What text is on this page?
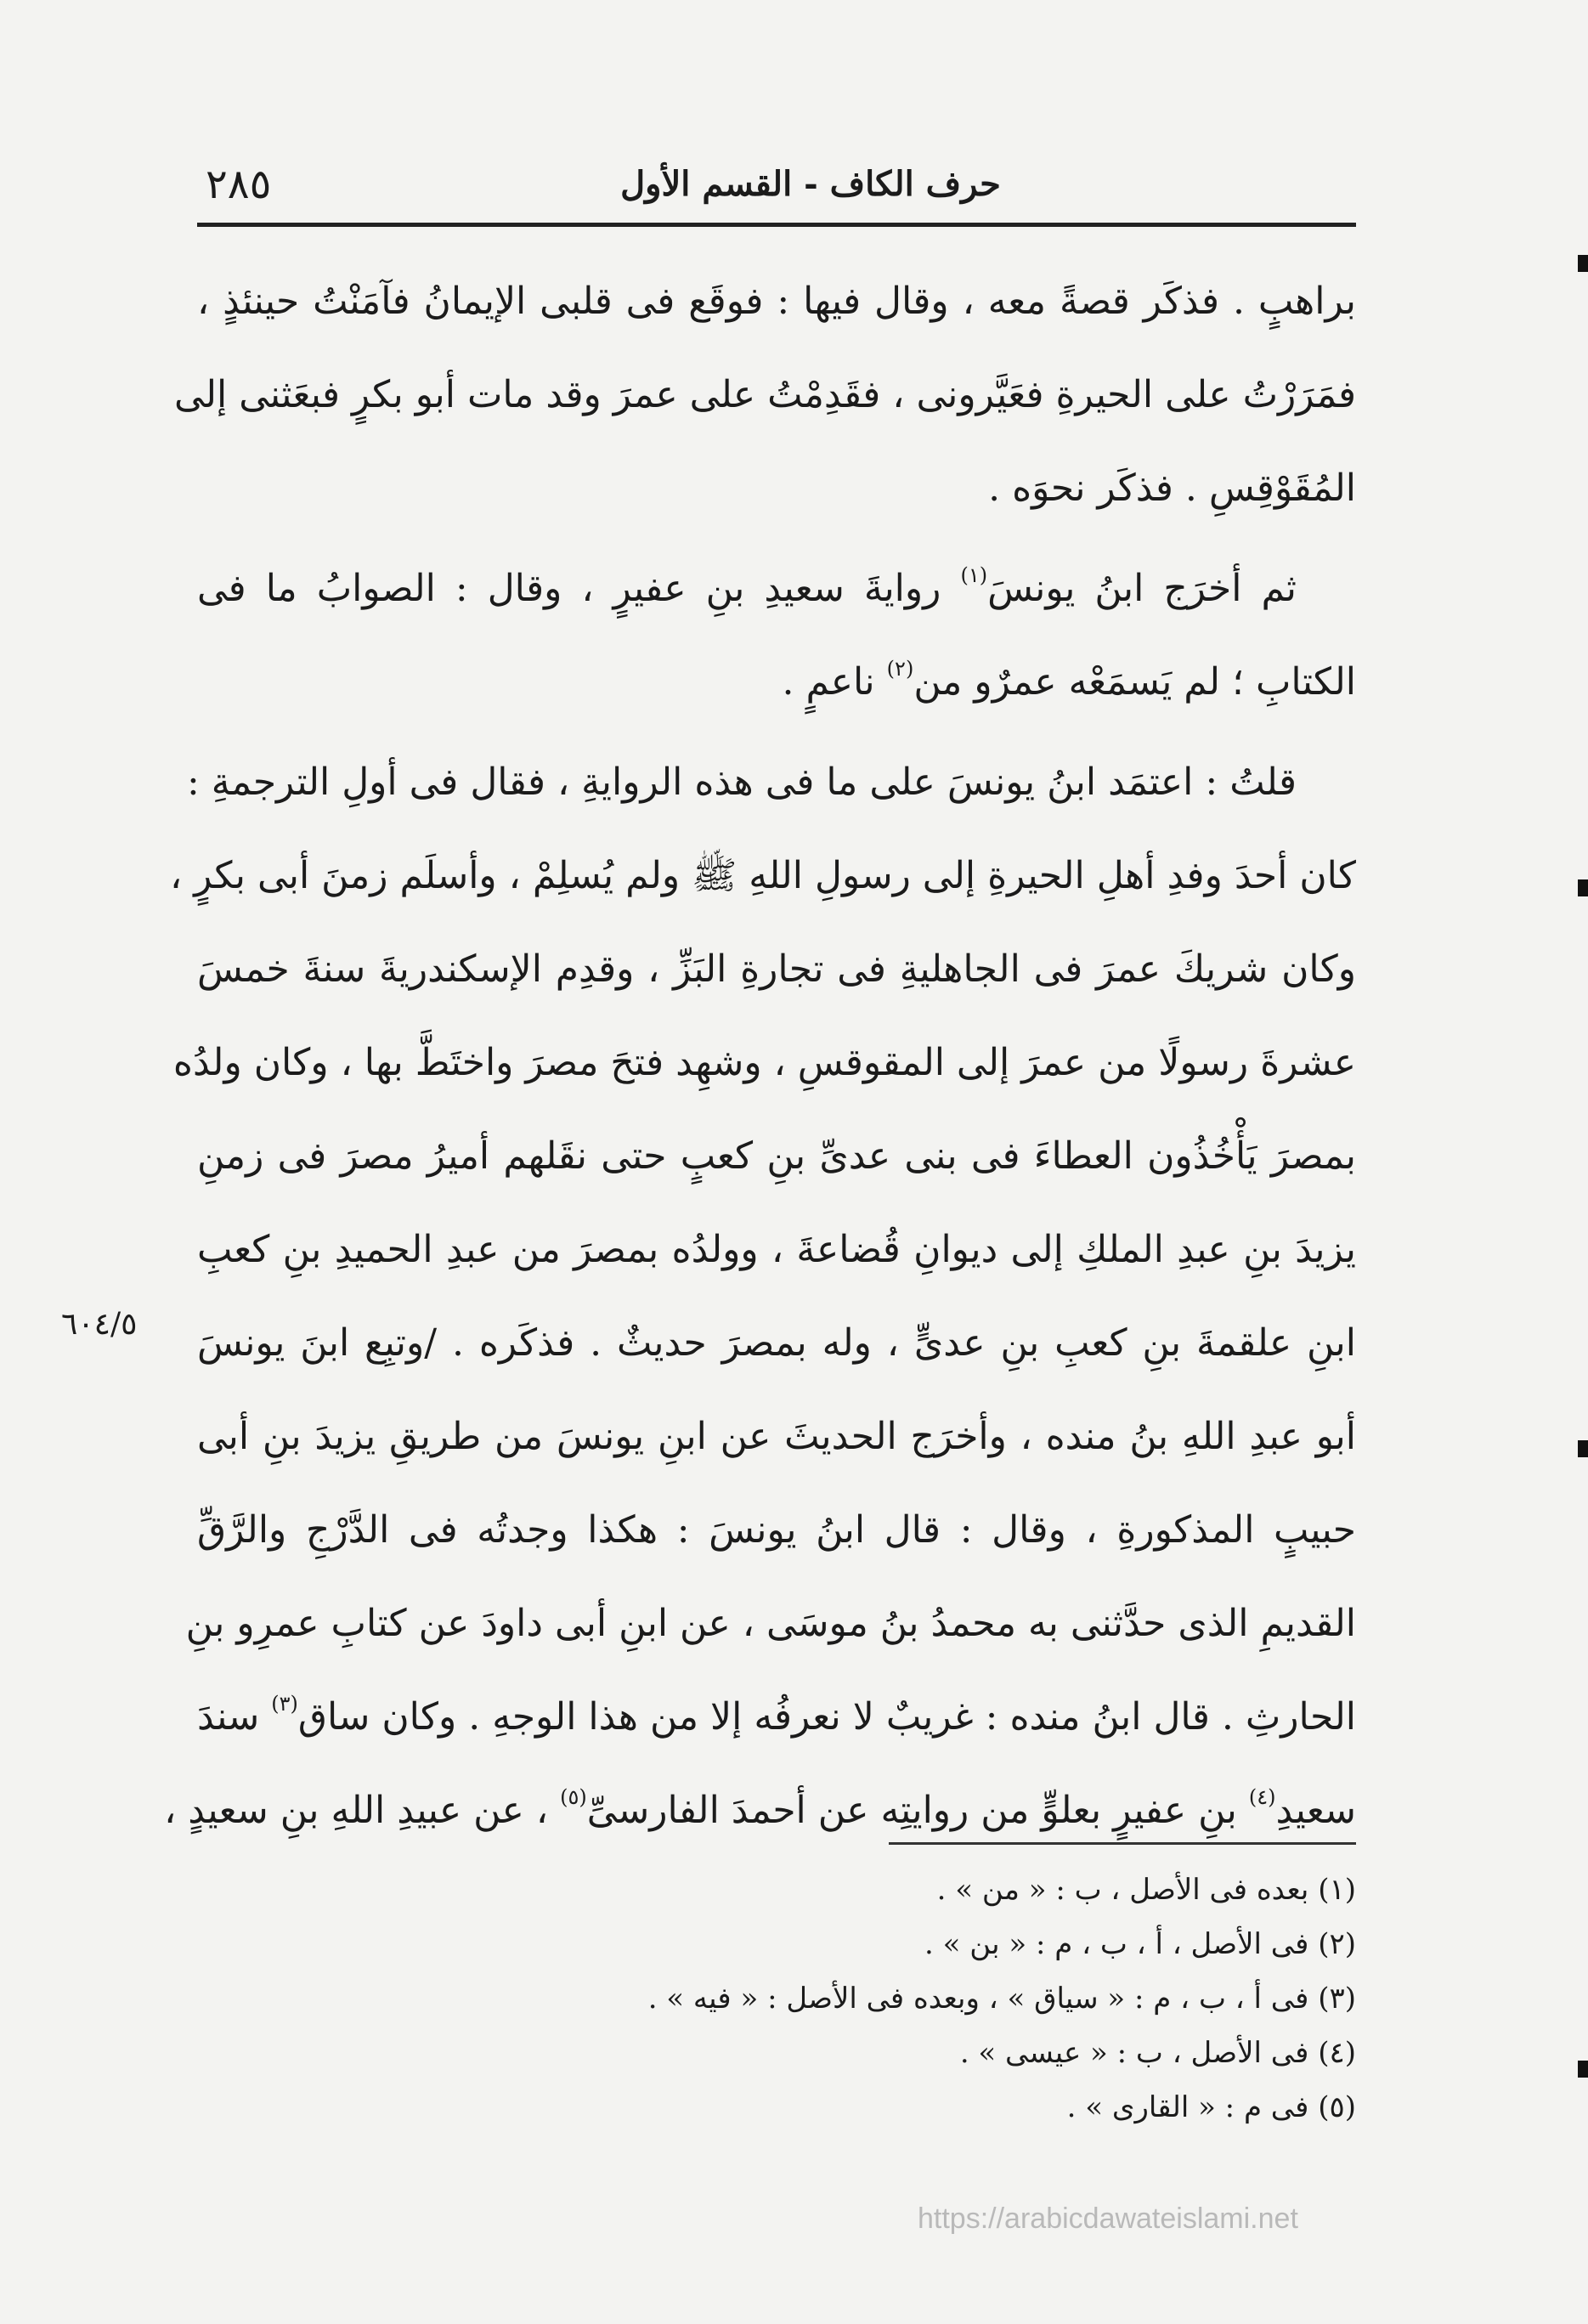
٢٨٥	حرف الكاف - القسم الأول

براهبٍ . فذكَر قصةً معه ، وقال فيها : فوقَع فى قلبى الإيمانُ فآمَنْتُ حينئذٍ ،
فمَرَرْتُ على الحيرةِ فعَيَّرونى ، فقَدِمْتُ على عمرَ وقد مات أبو بكرٍ فبعَثنى إلى
المُقَوْقِسِ . فذكَر نحوَه .

ثم أخرَج ابنُ يونسَ$^{(١)}$ روايةَ سعيدِ بنِ عفيرٍ ، وقال : الصوابُ ما فى
الكتابِ ؛ لم يَسمَعْه عمرٌو من$^{(٢)}$ ناعمٍ .

قلتُ : اعتمَد ابنُ يونسَ على ما فى هذه الروايةِ ، فقال فى أولِ الترجمةِ :
كان أحدَ وفدِ أهلِ الحيرةِ إلى رسولِ اللهِ ﷺ ولم يُسلِمْ ، وأسلَم زمنَ أبى بكرٍ ،
وكان شريكَ عمرَ فى الجاهليةِ فى تجارةِ البَزِّ ، وقدِم الإسكندريةَ سنةَ خمسَ
عشرةَ رسولًا من عمرَ إلى المقوقسِ ، وشهِد فتحَ مصرَ واختَطَّ بها ، وكان ولدُه
بمصرَ يَأْخُذُون العطاءَ فى بنى عدىِّ بنِ كعبٍ حتى نقَلهم أميرُ مصرَ فى زمنِ
يزيدَ بنِ عبدِ الملكِ إلى ديوانِ قُضاعةَ ، وولدُه بمصرَ من عبدِ الحميدِ بنِ كعبِ
ابنِ علقمةَ بنِ كعبِ بنِ عدىٍّ ، وله بمصرَ حديثٌ . فذكَره . /وتبِع ابنَ يونسَ
أبو عبدِ اللهِ بنُ منده ، وأخرَج الحديثَ عن ابنِ يونسَ من طريقِ يزيدَ بنِ أبى
حبيبٍ المذكورةِ ، وقال : قال ابنُ يونسَ : هكذا وجدتُه فى الدَّرْجِ والرَّقِّ
القديمِ الذى حدَّثنى به محمدُ بنُ موسَى ، عن ابنِ أبى داودَ عن كتابِ عمرِو بنِ
الحارثِ . قال ابنُ منده : غريبٌ لا نعرفُه إلا من هذا الوجهِ . وكان ساق$^{(٣)}$ سندَ
سعيدِ$^{(٤)}$ بنِ عفيرٍ بعلوٍّ من روايتِه عن أحمدَ الفارسىِّ$^{(٥)}$ ، عن عبيدِ اللهِ بنِ سعيدٍ ،

٦٠٤/٥
(١) بعده فى الأصل ، ب : « من » .
(٢) فى الأصل ، أ ، ب ، م : « بن » .
(٣) فى أ ، ب ، م : « سياق » ، وبعده فى الأصل : « فيه » .
(٤) فى الأصل ، ب : « عيسى » .
(٥) فى م : « القارى » .
https://arabicdawateislami.net
